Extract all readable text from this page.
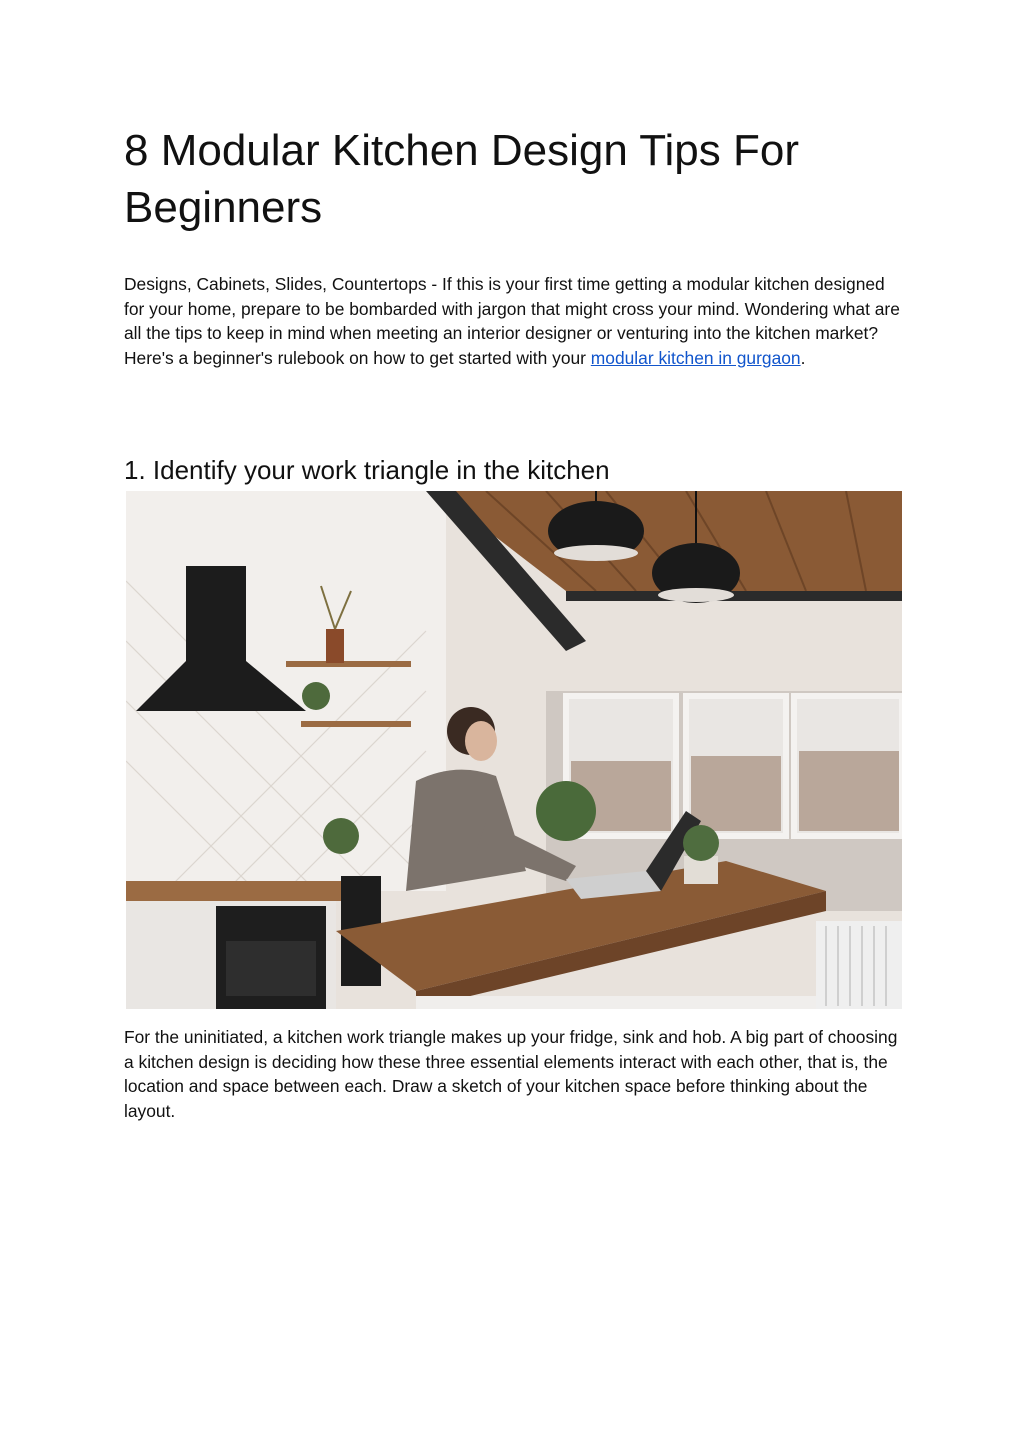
8 Modular Kitchen Design Tips For Beginners

Designs, Cabinets, Slides, Countertops - If this is your first time getting a modular kitchen designed for your home, prepare to be bombarded with jargon that might cross your mind. Wondering what are all the tips to keep in mind when meeting an interior designer or venturing into the kitchen market? Here's a beginner's rulebook on how to get started with your modular kitchen in gurgaon.

1. Identify your work triangle in the kitchen

For the uninitiated, a kitchen work triangle makes up your fridge, sink and hob. A big part of choosing a kitchen design is deciding how these three essential elements interact with each other, that is, the location and space between each. Draw a sketch of your kitchen space before thinking about the layout.
